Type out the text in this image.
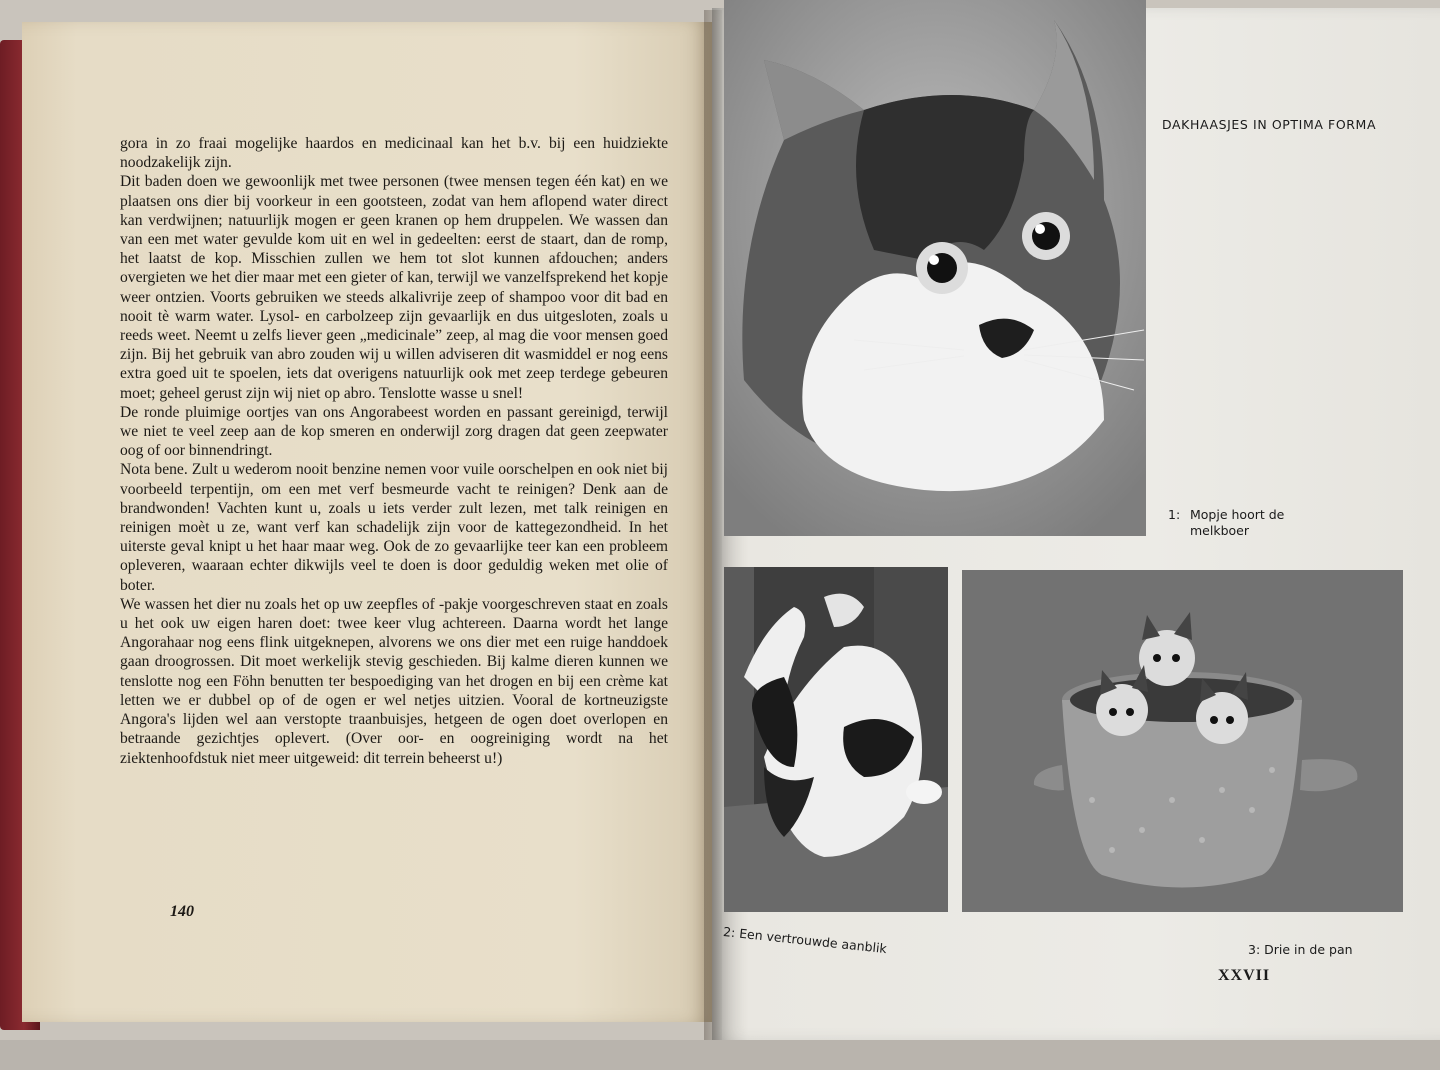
gora in zo fraai mogelijke haardos en medicinaal kan het b.v. bij een huidziekte noodzakelijk zijn.

Dit baden doen we gewoonlijk met twee personen (twee mensen tegen één kat) en we plaatsen ons dier bij voorkeur in een gootsteen, zodat van hem aflopend water direct kan verdwijnen; natuurlijk mogen er geen kranen op hem druppelen. We wassen dan van een met water gevulde kom uit en wel in gedeelten: eerst de staart, dan de romp, het laatst de kop. Misschien zullen we hem tot slot kunnen afdouchen; anders overgieten we het dier maar met een gieter of kan, terwijl we vanzelfsprekend het kopje weer ontzien. Voorts gebruiken we steeds alkalivrije zeep of shampoo voor dit bad en nooit tè warm water. Lysol- en carbolzeep zijn gevaarlijk en dus uitgesloten, zoals u reeds weet. Neemt u zelfs liever geen „medicinale” zeep, al mag die voor mensen goed zijn. Bij het gebruik van abro zouden wij u willen adviseren dit wasmiddel er nog eens extra goed uit te spoelen, iets dat overigens natuurlijk ook met zeep terdege gebeuren moet; geheel gerust zijn wij niet op abro. Tenslotte wasse u snel!

De ronde pluimige oortjes van ons Angorabeest worden en passant gereinigd, terwijl we niet te veel zeep aan de kop smeren en onderwijl zorg dragen dat geen zeepwater oog of oor binnendringt.

Nota bene. Zult u wederom nooit benzine nemen voor vuile oorschelpen en ook niet bij voorbeeld terpentijn, om een met verf besmeurde vacht te reinigen? Denk aan de brandwonden! Vachten kunt u, zoals u iets verder zult lezen, met talk reinigen en reinigen moèt u ze, want verf kan schadelijk zijn voor de kattegezondheid. In het uiterste geval knipt u het haar maar weg. Ook de zo gevaarlijke teer kan een probleem opleveren, waaraan echter dikwijls veel te doen is door geduldig weken met olie of boter.

We wassen het dier nu zoals het op uw zeepfles of -pakje voorgeschreven staat en zoals u het ook uw eigen haren doet: twee keer vlug achtereen. Daarna wordt het lange Angorahaar nog eens flink uitgeknepen, alvorens we ons dier met een ruige handdoek gaan droogrossen. Dit moet werkelijk stevig geschieden. Bij kalme dieren kunnen we tenslotte nog een Föhn benutten ter bespoediging van het drogen en bij een crème kat letten we er dubbel op of de ogen er wel netjes uitzien. Vooral de kortneuzigste Angora's lijden wel aan verstopte traanbuisjes, hetgeen de ogen doet overlopen en betraande gezichtjes oplevert. (Over oor- en oogreiniging wordt na het ziektenhoofdstuk niet meer uitgeweid: dit terrein beheerst u!)

140
DAKHAASJES IN OPTIMA FORMA
1: Mopje hoort de
melkboer
2: Een vertrouwde aanblik	3: Drie in de pan
XXVII
